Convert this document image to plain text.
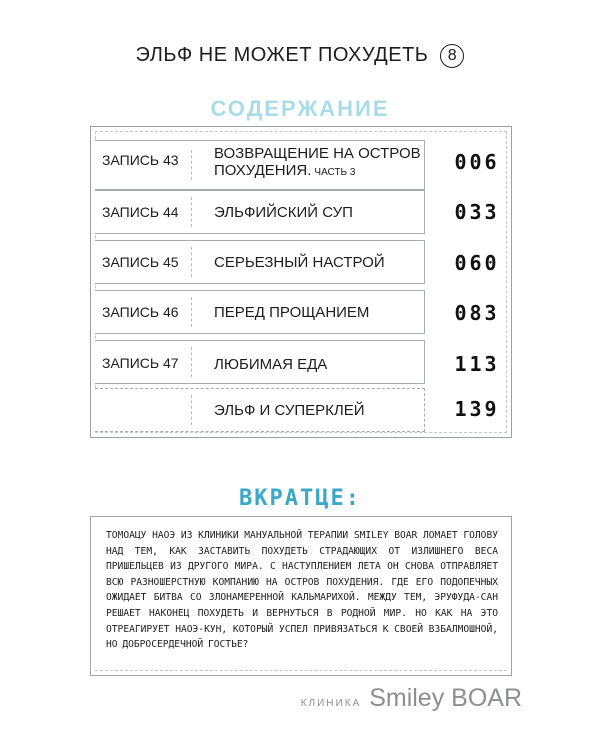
ЭЛЬФ НЕ МОЖЕТ ПОХУДЕТЬ 8
СОДЕРЖАНИЕ
ЗАПИСЬ 43 ВОЗВРАЩЕНИЕ НА ОСТРОВ
ПОХУДЕНИЯ. ЧАСТЬ 3	006
ЗАПИСЬ 44 ЭЛЬФИЙСКИЙ СУП	033
ЗАПИСЬ 45 СЕРЬЕЗНЫЙ НАСТРОЙ	060
ЗАПИСЬ 46 ПЕРЕД ПРОЩАНИЕМ	083
ЗАПИСЬ 47 ЛЮБИМАЯ ЕДА	113
ЭЛЬФ И СУПЕРКЛЕЙ	139
ВКРАТЦЕ:
ТОМОАЦУ НАОЭ ИЗ КЛИНИКИ МАНУАЛЬНОЙ ТЕРАПИИ SMILEY BOAR ЛОМАЕТ ГОЛОВУ НАД ТЕМ, КАК ЗАСТАВИТЬ ПОХУДЕТЬ СТРАДАЮЩИХ ОТ ИЗЛИШНЕГО ВЕСА ПРИШЕЛЬЦЕВ ИЗ ДРУГОГО МИРА. С НАСТУПЛЕНИЕМ ЛЕТА ОН СНОВА ОТПРАВЛЯЕТ ВСЮ РАЗНОШЕРСТНУЮ КОМПАНИЮ НА ОСТРОВ ПОХУДЕНИЯ. ГДЕ ЕГО ПОДОПЕЧНЫХ ОЖИДАЕТ БИТВА СО ЗЛОНАМЕРЕННОЙ КАЛЬМАРИХОЙ. МЕЖДУ ТЕМ, ЭРУФУДА-САН РЕШАЕТ НАКОНЕЦ ПОХУДЕТЬ И ВЕРНУТЬСЯ В РОДНОЙ МИР. НО КАК НА ЭТО ОТРЕАГИРУЕТ НАОЭ-КУН, КОТОРЫЙ УСПЕЛ ПРИВЯЗАТЬСЯ К СВОЕЙ ВЗБАЛМОШНОЙ, НО ДОБРОСЕРДЕЧНОЙ ГОСТЬЕ?
КЛИНИКА Smiley BOAR
